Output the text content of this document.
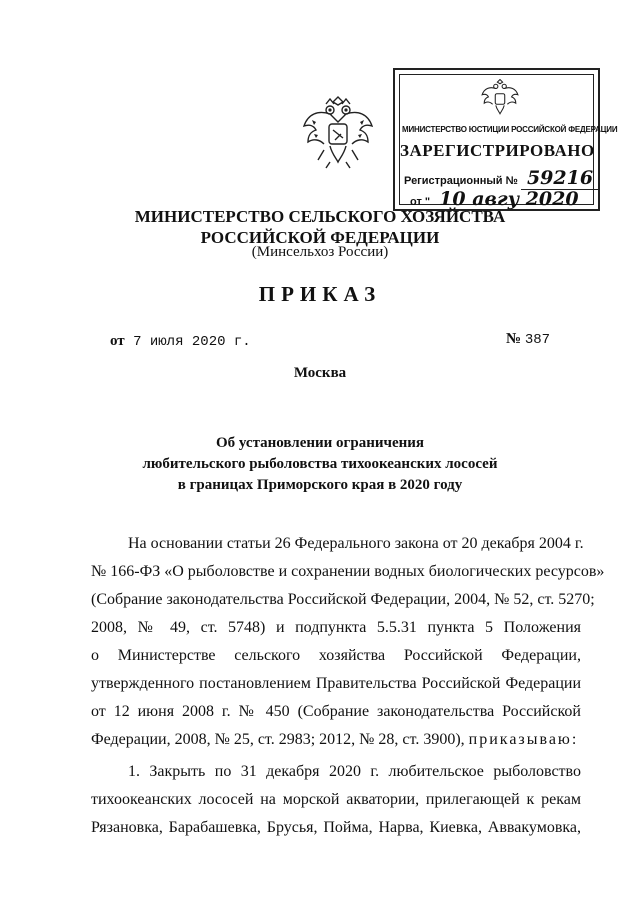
МИНИСТЕРСТВО ЮСТИЦИИ РОССИЙСКОЙ ФЕДЕРАЦИИ
ЗАРЕГИСТРИРОВАНО
Регистрационный № 59216
от " 10 авгу 2020
МИНИСТЕРСТВО СЕЛЬСКОГО ХОЗЯЙСТВА
РОССИЙСКОЙ ФЕДЕРАЦИИ
(Минсельхоз России)
ПРИКАЗ
от 7 июля 2020 г.	№ 387
Москва
Об установлении ограничения
любительского рыболовства тихоокеанских лососей
в границах Приморского края в 2020 году
На основании статьи 26 Федерального закона от 20 декабря 2004 г.
№ 166-ФЗ «О рыболовстве и сохранении водных биологических ресурсов»
(Собрание законодательства Российской Федерации, 2004, № 52, ст. 5270;
2008, № 49, ст. 5748) и подпункта 5.5.31 пункта 5 Положения
о Министерстве сельского хозяйства Российской Федерации,
утвержденного постановлением Правительства Российской Федерации
от 12 июня 2008 г. № 450 (Собрание законодательства Российской
Федерации, 2008, № 25, ст. 2983; 2012, № 28, ст. 3900), приказываю:
1. Закрыть по 31 декабря 2020 г. любительское рыболовство
тихоокеанских лососей на морской акватории, прилегающей к рекам
Рязановка, Барабашевка, Брусья, Пойма, Нарва, Киевка, Аввакумовка,
